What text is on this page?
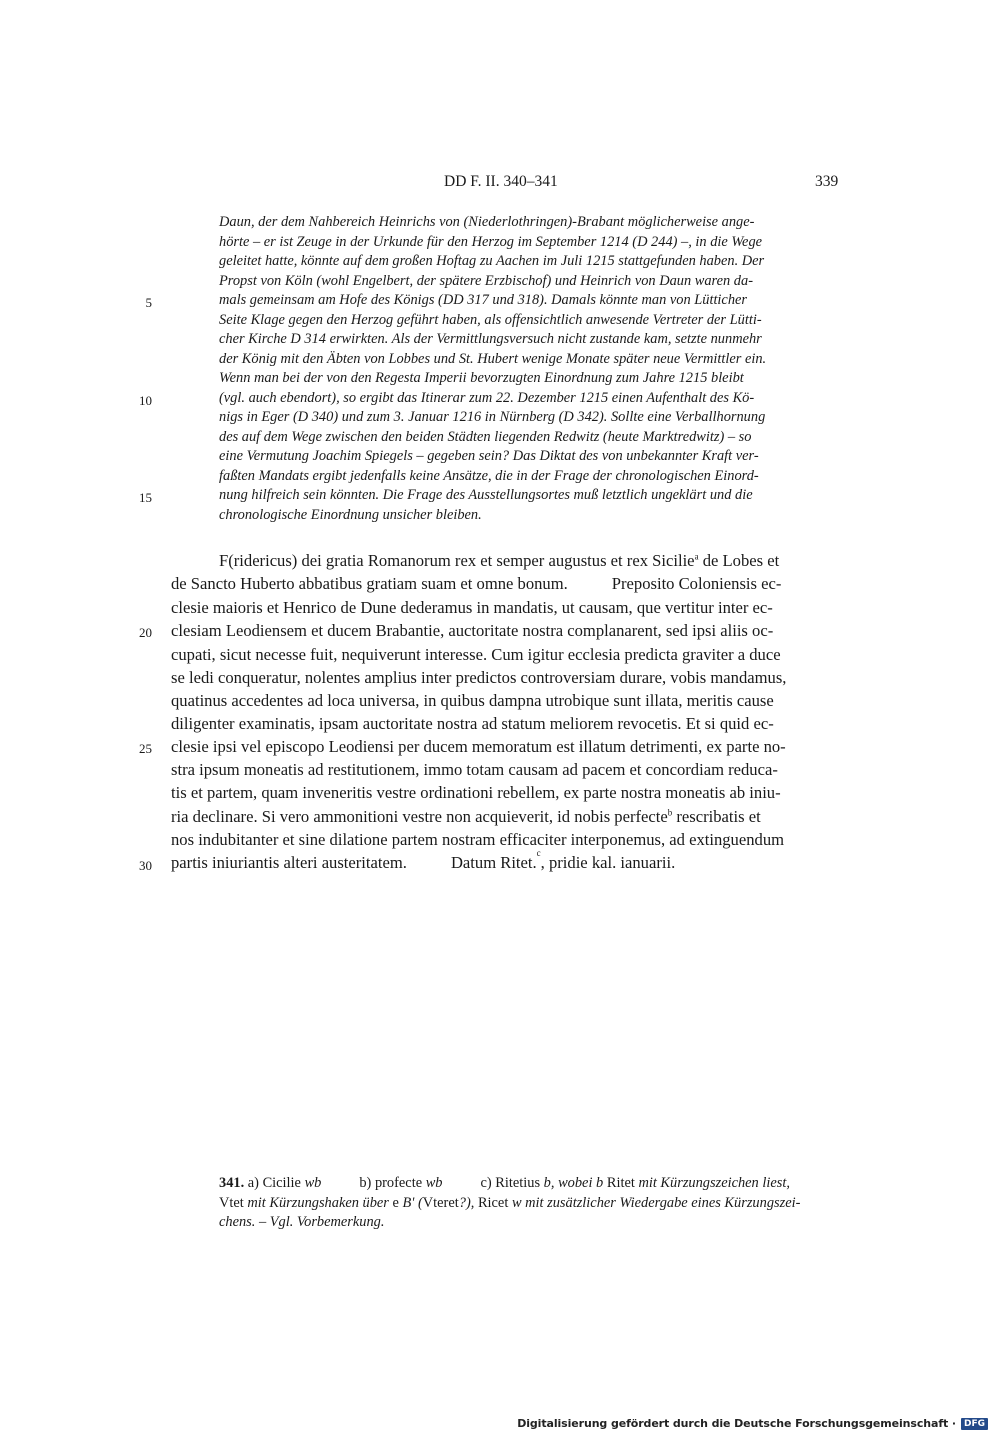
DD F. II. 340–341	339
5
10
15
20
25
30
Daun, der dem Nahbereich Heinrichs von (Niederlothringen)-Brabant möglicherweise ange-
hörte – er ist Zeuge in der Urkunde für den Herzog im September 1214 (D 244) –, in die Wege
geleitet hatte, könnte auf dem großen Hoftag zu Aachen im Juli 1215 stattgefunden haben. Der
Propst von Köln (wohl Engelbert, der spätere Erzbischof) und Heinrich von Daun waren da-
mals gemeinsam am Hofe des Königs (DD 317 und 318). Damals könnte man von Lütticher
Seite Klage gegen den Herzog geführt haben, als offensichtlich anwesende Vertreter der Lütti-
cher Kirche D 314 erwirkten. Als der Vermittlungsversuch nicht zustande kam, setzte nunmehr
der König mit den Äbten von Lobbes und St. Hubert wenige Monate später neue Vermittler ein.
Wenn man bei der von den Regesta Imperii bevorzugten Einordnung zum Jahre 1215 bleibt
(vgl. auch ebendort), so ergibt das Itinerar zum 22. Dezember 1215 einen Aufenthalt des Kö-
nigs in Eger (D 340) und zum 3. Januar 1216 in Nürnberg (D 342). Sollte eine Verballhornung
des auf dem Wege zwischen den beiden Städten liegenden Redwitz (heute Marktredwitz) – so
eine Vermutung Joachim Spiegels – gegeben sein? Das Diktat des von unbekannter Kraft ver-
faßten Mandats ergibt jedenfalls keine Ansätze, die in der Frage der chronologischen Einord-
nung hilfreich sein könnten. Die Frage des Ausstellungsortes muß letztlich ungeklärt und die
chronologische Einordnung unsicher bleiben.
F(ridericus) dei gratia Romanorum rex et semper augustus et rex Sicilie$^a$ de Lobes et
de Sancto Huberto abbatibus gratiam suam et omne bonum.	Preposito Coloniensis ec-
clesie maioris et Henrico de Dune dederamus in mandatis, ut causam, que vertitur inter ec-
clesiam Leodiensem et ducem Brabantie, auctoritate nostra complanarent, sed ipsi aliis oc-
cupati, sicut necesse fuit, nequiverunt interesse. Cum igitur ecclesia predicta graviter a duce
se ledi conqueratur, nolentes amplius inter predictos controversiam durare, vobis mandamus,
quatinus accedentes ad loca universa, in quibus dampna utrobique sunt illata, meritis cause
diligenter examinatis, ipsam auctoritate nostra ad statum meliorem revocetis. Et si quid ec-
clesie ipsi vel episcopo Leodiensi per ducem memoratum est illatum detrimenti, ex parte no-
stra ipsum moneatis ad restitutionem, immo totam causam ad pacem et concordiam reduca-
tis et partem, quam inveneritis vestre ordinationi rebellem, ex parte nostra moneatis ab iniu-
ria declinare. Si vero ammonitioni vestre non acquieverit, id nobis perfecte$^b$ rescribatis et
nos indubitanter et sine dilatione partem nostram efficaciter interponemus, ad extinguendum
partis iniuriantis alteri austeritatem.	Datum Ritet. c , pridie kal. ianuarii.
341. a) Cicilie wb	b) profecte wb	c) Ritetius b, wobei b Ritet mit Kürzungszeichen liest,
Vtet mit Kürzungshaken über e B' (Vteret?), Ricet w mit zusätzlicher Wiedergabe eines Kürzungszei-
chens. – Vgl. Vorbemerkung.
Digitalisierung gefördert durch die Deutsche Forschungsgemeinschaft · DFG
